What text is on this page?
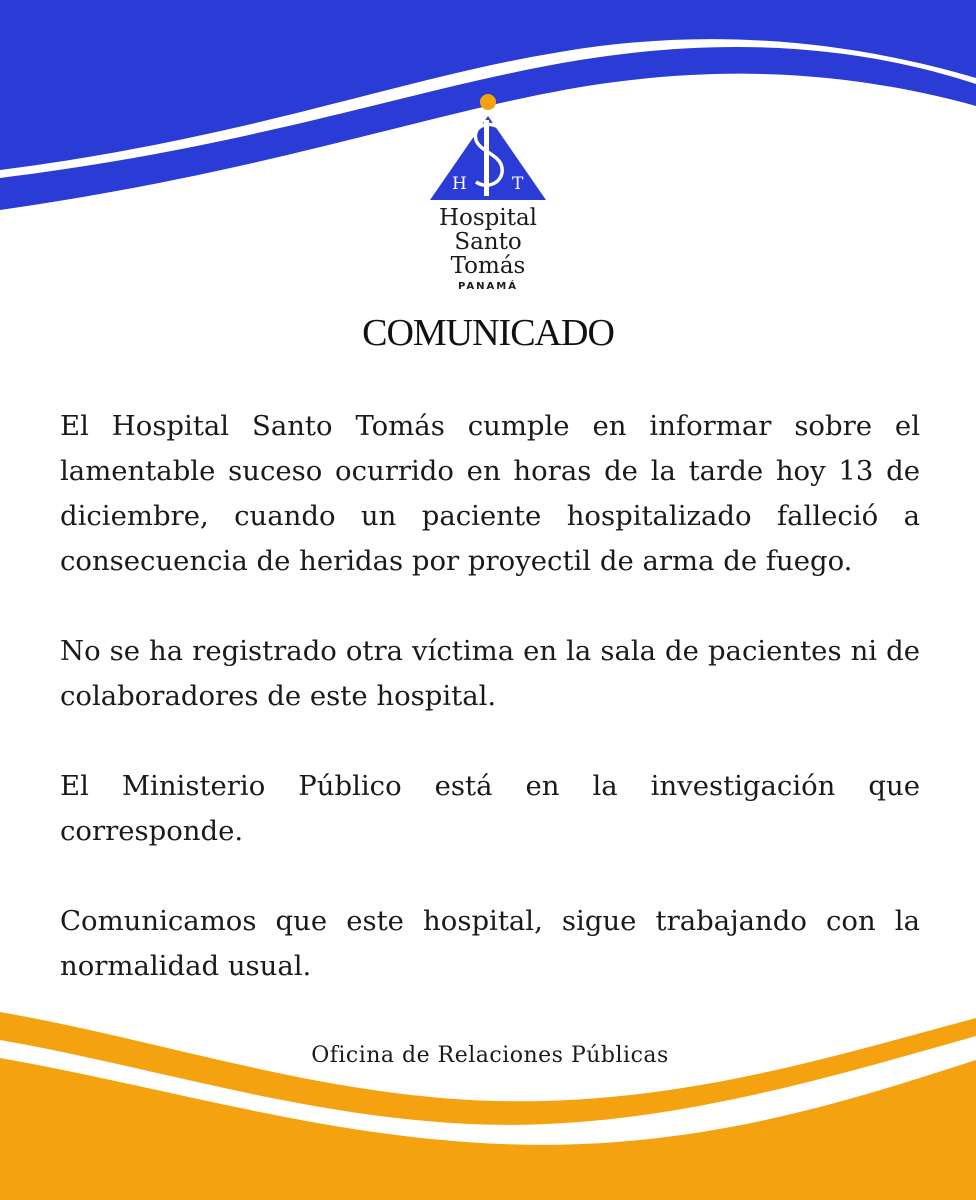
H	T
Hospital
Santo
Tomás
PANAMÁ
COMUNICADO

El Hospital Santo Tomás cumple en informar sobre el lamentable suceso ocurrido en horas de la tarde hoy 13 de diciembre, cuando un paciente hospitalizado falleció a consecuencia de heridas por proyectil de arma de fuego.

No se ha registrado otra víctima en la sala de pacientes ni de colaboradores de este hospital.

El Ministerio Público está en la investigación que corresponde.

Comunicamos que este hospital, sigue trabajando con la normalidad usual.

Oficina de Relaciones Públicas
